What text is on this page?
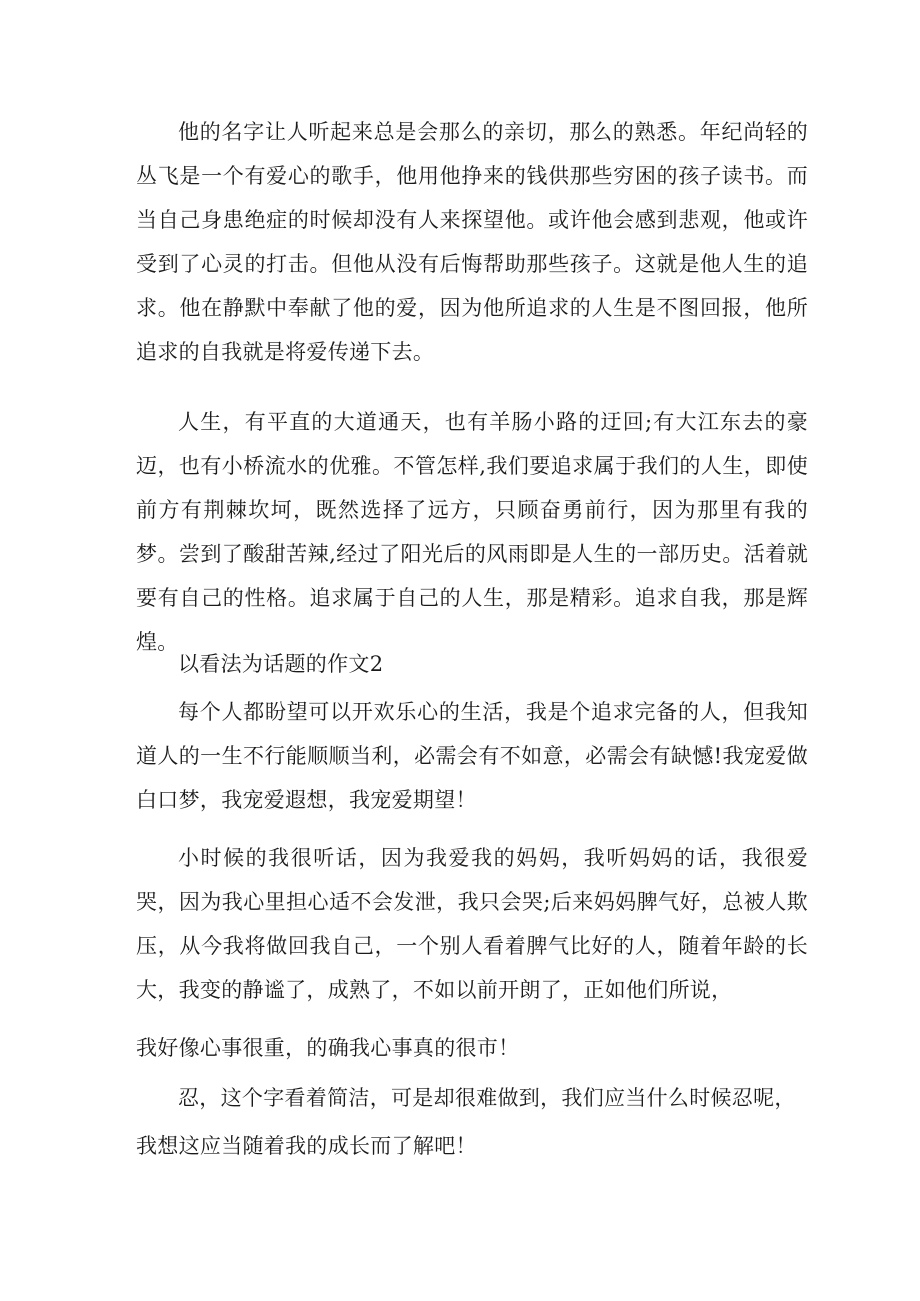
他的名字让人听起来总是会那么的亲切，那么的熟悉。年纪尚轻的丛飞是一个有爱心的歌手，他用他挣来的钱供那些穷困的孩子读书。而当自己身患绝症的时候却没有人来探望他。或许他会感到悲观，他或许受到了心灵的打击。但他从没有后悔帮助那些孩子。这就是他人生的追求。他在静默中奉献了他的爱，因为他所追求的人生是不图回报，他所追求的自我就是将爱传递下去。

人生，有平直的大道通天，也有羊肠小路的迂回;有大江东去的豪迈，也有小桥流水的优雅。不管怎样,我们要追求属于我们的人生，即使前方有荆棘坎坷，既然选择了远方，只顾奋勇前行，因为那里有我的梦。尝到了酸甜苦辣,经过了阳光后的风雨即是人生的一部历史。活着就要有自己的性格。追求属于自己的人生，那是精彩。追求自我，那是辉煌。

以看法为话题的作文2

每个人都盼望可以开欢乐心的生活，我是个追求完备的人，但我知道人的一生不行能顺顺当利，必需会有不如意，必需会有缺憾!我宠爱做白口梦，我宠爱遐想，我宠爱期望！

小时候的我很听话，因为我爱我的妈妈，我听妈妈的话，我很爱哭，因为我心里担心适不会发泄，我只会哭;后来妈妈脾气好，总被人欺压，从今我将做回我自己，一个别人看着脾气比好的人，随着年龄的长大，我变的静谧了，成熟了，不如以前开朗了，正如他们所说，

我好像心事很重，的确我心事真的很市！

忍，这个字看着简洁，可是却很难做到，我们应当什么时候忍呢，

我想这应当随着我的成长而了解吧！
